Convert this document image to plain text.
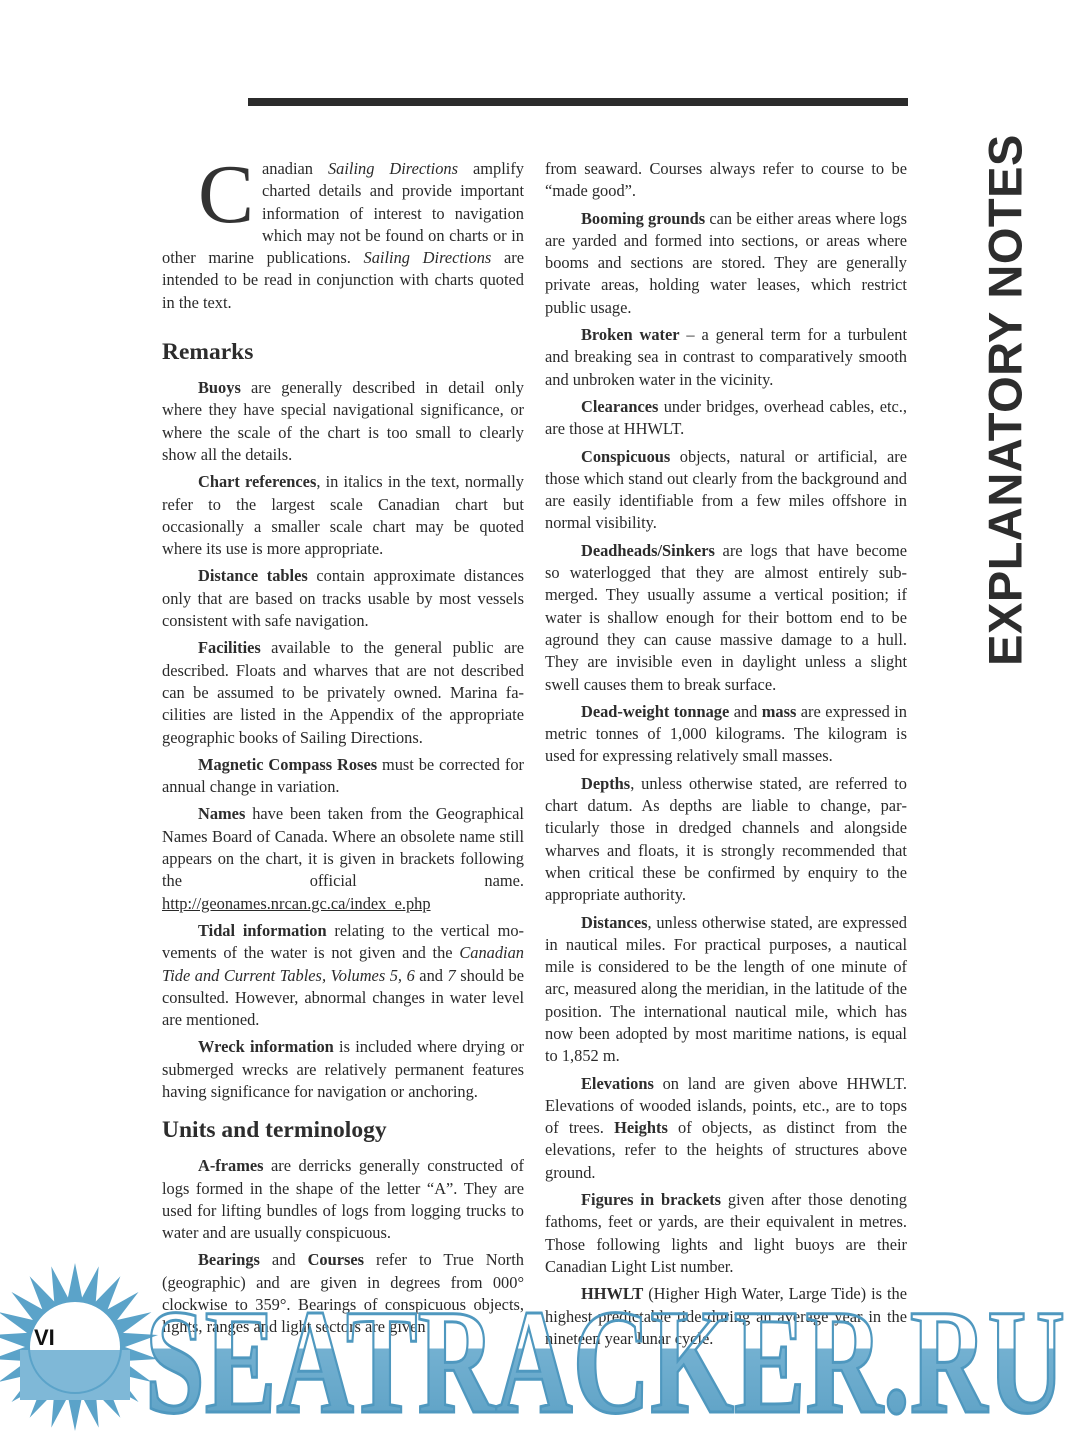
EXPLANATORY NOTES

Canadian Sailing Directions amplify charted details and provide important information of interest to navigation which may not be found on charts or in other marine publications. Sailing Directions are intended to be read in conjunction with charts quoted in the text.

Remarks

Buoys are generally described in detail only where they have special navigational significance, or where the scale of the chart is too small to clearly show all the details.

Chart references, in italics in the text, normally refer to the largest scale Canadian chart but occasionally a smaller scale chart may be quoted where its use is more appropriate.

Distance tables contain approximate distances only that are based on tracks usable by most vessels consistent with safe navigation.

Facilities available to the general public are described. Floats and wharves that are not described can be assumed to be privately owned. Marina facilities are listed in the Appendix of the appropriate geographic books of Sailing Directions.

Magnetic Compass Roses must be corrected for annual change in variation.

Names have been taken from the Geographical Names Board of Canada. Where an obsolete name still appears on the chart, it is given in brackets following the official name. http://geonames.nrcan.gc.ca/index_e.php

Tidal information relating to the vertical movements of the water is not given and the Canadian Tide and Current Tables, Volumes 5, 6 and 7 should be consulted. However, abnormal changes in water level are mentioned.

Wreck information is included where drying or submerged wrecks are relatively permanent features having significance for navigation or anchoring.

Units and terminology

A-frames are derricks generally constructed of logs formed in the shape of the letter “A”. They are used for lifting bundles of logs from logging trucks to water and are usually conspicuous.

Bearings and Courses refer to True North (geographic) and are given in degrees from 000° clockwise to 359°. Bearings of conspicuous objects, lights, ranges and light sectors are given

from seaward. Courses always refer to course to be “made good”.

Booming grounds can be either areas where logs are yarded and formed into sections, or areas where booms and sections are stored. They are generally private areas, holding water leases, which restrict public usage.

Broken water – a general term for a turbulent and breaking sea in contrast to comparatively smooth and unbroken water in the vicinity.

Clearances under bridges, overhead cables, etc., are those at HHWLT.

Conspicuous objects, natural or artificial, are those which stand out clearly from the background and are easily identifiable from a few miles offshore in normal visibility.

Deadheads/Sinkers are logs that have become so waterlogged that they are almost entirely submerged. They usually assume a vertical position; if water is shallow enough for their bottom end to be aground they can cause massive damage to a hull. They are invisible even in daylight unless a slight swell causes them to break surface.

Dead-weight tonnage and mass are expressed in metric tonnes of 1,000 kilograms. The kilogram is used for expressing relatively small masses.

Depths, unless otherwise stated, are referred to chart datum. As depths are liable to change, particularly those in dredged channels and alongside wharves and floats, it is strongly recommended that when critical these be confirmed by enquiry to the appropriate authority.

Distances, unless otherwise stated, are expressed in nautical miles. For practical purposes, a nautical mile is considered to be the length of one minute of arc, measured along the meridian, in the latitude of the position. The international nautical mile, which has now been adopted by most maritime nations, is equal to 1,852 m.

Elevations on land are given above HHWLT. Elevations of wooded islands, points, etc., are to tops of trees. Heights of objects, as distinct from the elevations, refer to the heights of structures above ground.

Figures in brackets given after those denoting fathoms, feet or yards, are their equivalent in metres. Those following lights and light buoys are their Canadian Light List number.

HHWLT (Higher High Water, Large Tide) is the highest predictable tide during an average year in the nineteen year lunar cycle.

VI SEATRACKER.RU
